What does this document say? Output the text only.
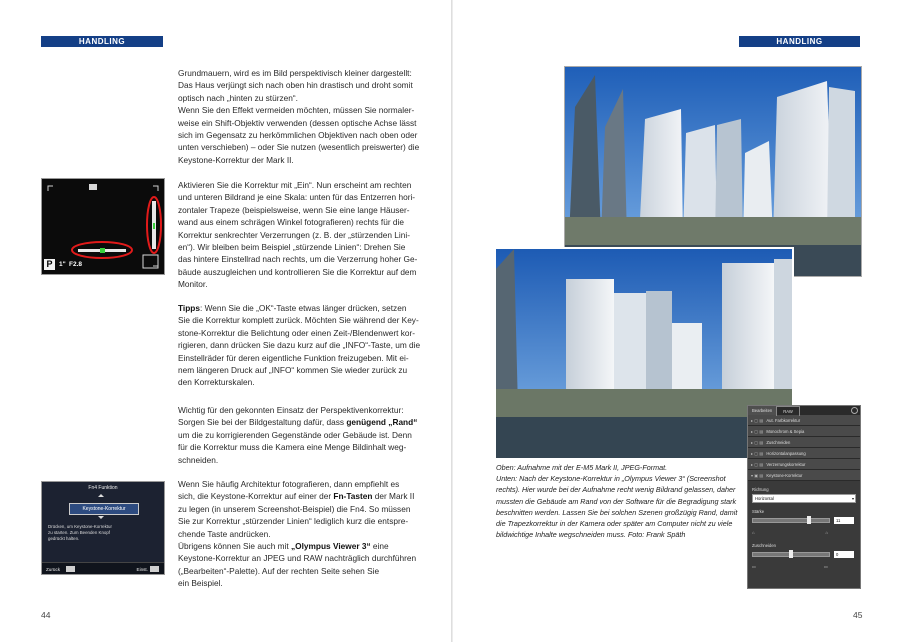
HANDLING	HANDLING

Grundmauern, wird es im Bild perspektivisch kleiner dargestellt:

Das Haus verjüngt sich nach oben hin drastisch und droht somit

optisch nach „hinten zu stürzen“.

Wenn Sie den Effekt vermeiden möchten, müssen Sie normaler-

weise ein Shift-Objektiv verwenden (dessen optische Achse lässt

sich im Gegensatz zu herkömmlichen Objektiven nach oben oder

unten verschieben) – oder Sie nutzen (wesentlich preiswerter) die

Keystone-Korrektur der Mark II.

Aktivieren Sie die Korrektur mit „Ein“. Nun erscheint am rechten

und unteren Bildrand je eine Skala: unten für das Entzerren hori-

zontaler Trapeze (beispielsweise, wenn Sie eine lange Häuser-

wand aus einem schrägen Winkel fotografieren) rechts für die

Korrektur senkrechter Verzerrungen (z. B. der „stürzenden Lini-

en“). Wir bleiben beim Beispiel „stürzende Linien“: Drehen Sie

das hintere Einstellrad nach rechts, um die Verzerrung hoher Ge-

bäude auszugleichen und kontrollieren Sie die Korrektur auf dem

Monitor.

Tipps: Wenn Sie die „OK“-Taste etwas länger drücken, setzen

Sie die Korrektur komplett zurück. Möchten Sie während der Key-

stone-Korrektur die Belichtung oder einen Zeit-/Blendenwert kor-

rigieren, dann drücken Sie dazu kurz auf die „INFO“-Taste, um die

Einstellräder für deren eigentliche Funktion freizugeben. Mit ei-

nem längeren Druck auf „INFO“ kommen Sie wieder zurück zu

den Korrekturskalen.

Wichtig für den gekonnten Einsatz der Perspektivenkorrektur:

Sorgen Sie bei der Bildgestaltung dafür, dass genügend „Rand“

um die zu korrigierenden Gegenstände oder Gebäude ist. Denn

für die Korrektur muss die Kamera eine Menge Bildinhalt weg-

schneiden.

Wenn Sie häufig Architektur fotografieren, dann empfiehlt es

sich, die Keystone-Korrektur auf einer der Fn-Tasten der Mark II

zu legen (in unserem Screenshot-Beispiel) die Fn4. So müssen

Sie zur Korrektur „stürzender Linien“ lediglich kurz die entspre-

chende Taste andrücken.

Übrigens können Sie auch mit „Olympus Viewer 3“ eine

Keystone-Korrektur an JPEG und RAW nachträglich durchführen

(„Bearbeiten“-Palette). Auf der rechten Seite sehen Sie

ein Beispiel.

44	45
P	1" F2.8
Fn4 Funktion
Keystone-Korrektur
Drücken, um Keystone-Korrektur
zu starten. Zum Beenden Knopf
gedrückt halten.
Zurück	Einst.

Oben: Aufnahme mit der E-M5 Mark II, JPEG-Format.

Unten: Nach der Keystone-Korrektur in „Olympus Viewer 3“ (Screenshot

rechts). Hier wurde bei der Aufnahme recht wenig Bildrand gelassen, daher

mussten die Gebäude am Rand von der Software für die Begradigung stark

beschnitten werden. Lassen Sie bei solchen Szenen großzügig Rand, damit

die Trapezkorrektur in der Kamera oder später am Computer nicht zu viele

bildwichtige Inhalte wegschneiden muss. Foto: Frank Späth

Bearbeiten	RAW
▸ ▢ ▤ Aut. Farbkorrektur
▸ ▢ ▤ Monochrom & Sepia
▸ ▢ ▤ Zuschneiden
▸ ▢ ▤ Horizontalanpassung
▸ ▢ ▤ Verzerrungskorrektur
▾ ▣ ▤ Keystone-Korrektur
Richtung
Horizontal	▾
Stärke
11
⌂	⌂
Zuschneiden
0
▭	▭
